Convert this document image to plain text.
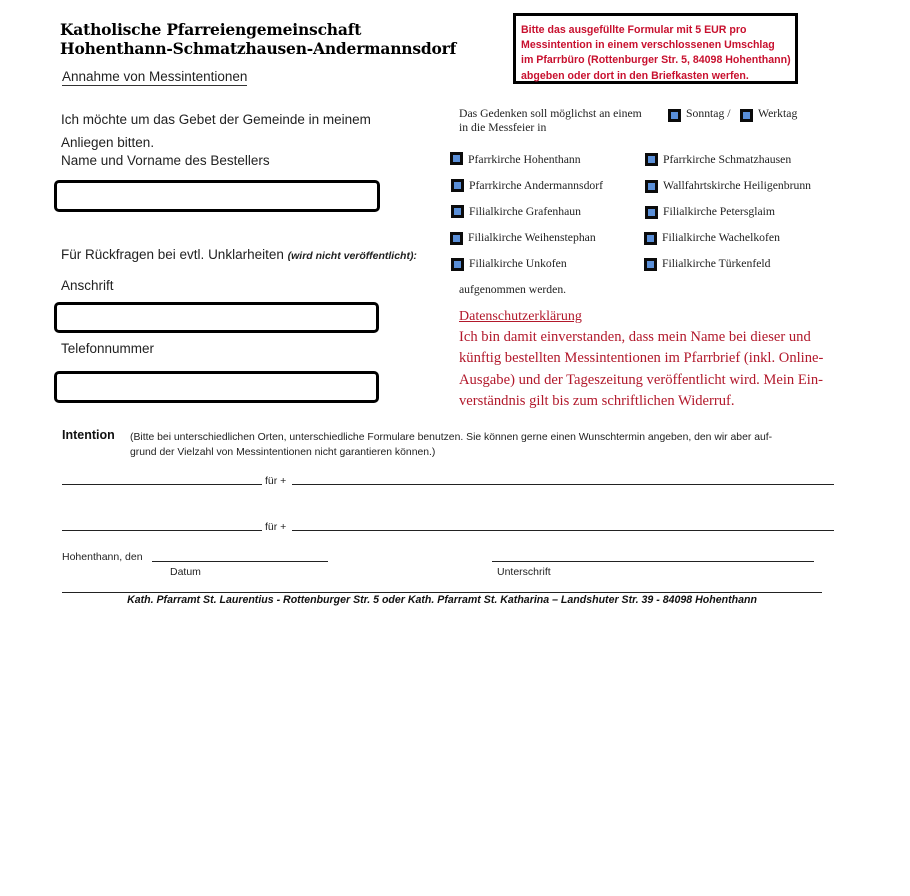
Katholische Pfarreiengemeinschaft
Hohenthann-Schmatzhausen-Andermannsdorf
Annahme von Messintentionen
Bitte das ausgefüllte Formular mit 5 EUR pro
Messintention in einem verschlossenen Umschlag
im Pfarrbüro (Rottenburger Str. 5, 84098 Hohenthann)
abgeben oder dort in den Briefkasten werfen.
Ich möchte um das Gebet der Gemeinde in meinem
Anliegen bitten.
Name und Vorname des Bestellers
Für Rückfragen bei evtl. Unklarheiten (wird nicht veröffentlicht):
Anschrift
Telefonnummer
Das Gedenken soll möglichst an einem
in die Messfeier in
Sonntag / Werktag
Pfarrkirche Hohenthann	Pfarrkirche Schmatzhausen
Pfarrkirche Andermannsdorf	Wallfahrtskirche Heiligenbrunn
Filialkirche Grafenhaun	Filialkirche Petersglaim
Filialkirche Weihenstephan	Filialkirche Wachelkofen
Filialkirche Unkofen	Filialkirche Türkenfeld
aufgenommen werden.
Datenschutzerklärung
Ich bin damit einverstanden, dass mein Name bei dieser und
künftig bestellten Messintentionen im Pfarrbrief (inkl. Online-
Ausgabe) und der Tageszeitung veröffentlicht wird. Mein Ein-
verständnis gilt bis zum schriftlichen Widerruf.
Intention (Bitte bei unterschiedlichen Orten, unterschiedliche Formulare benutzen. Sie können gerne einen Wunschtermin angeben, den wir aber auf-
grund der Vielzahl von Messintentionen nicht garantieren können.)
für +
für +
Hohenthann, den
Datum	Unterschrift
Kath. Pfarramt St. Laurentius - Rottenburger Str. 5 oder Kath. Pfarramt St. Katharina – Landshuter Str. 39 - 84098 Hohenthann
